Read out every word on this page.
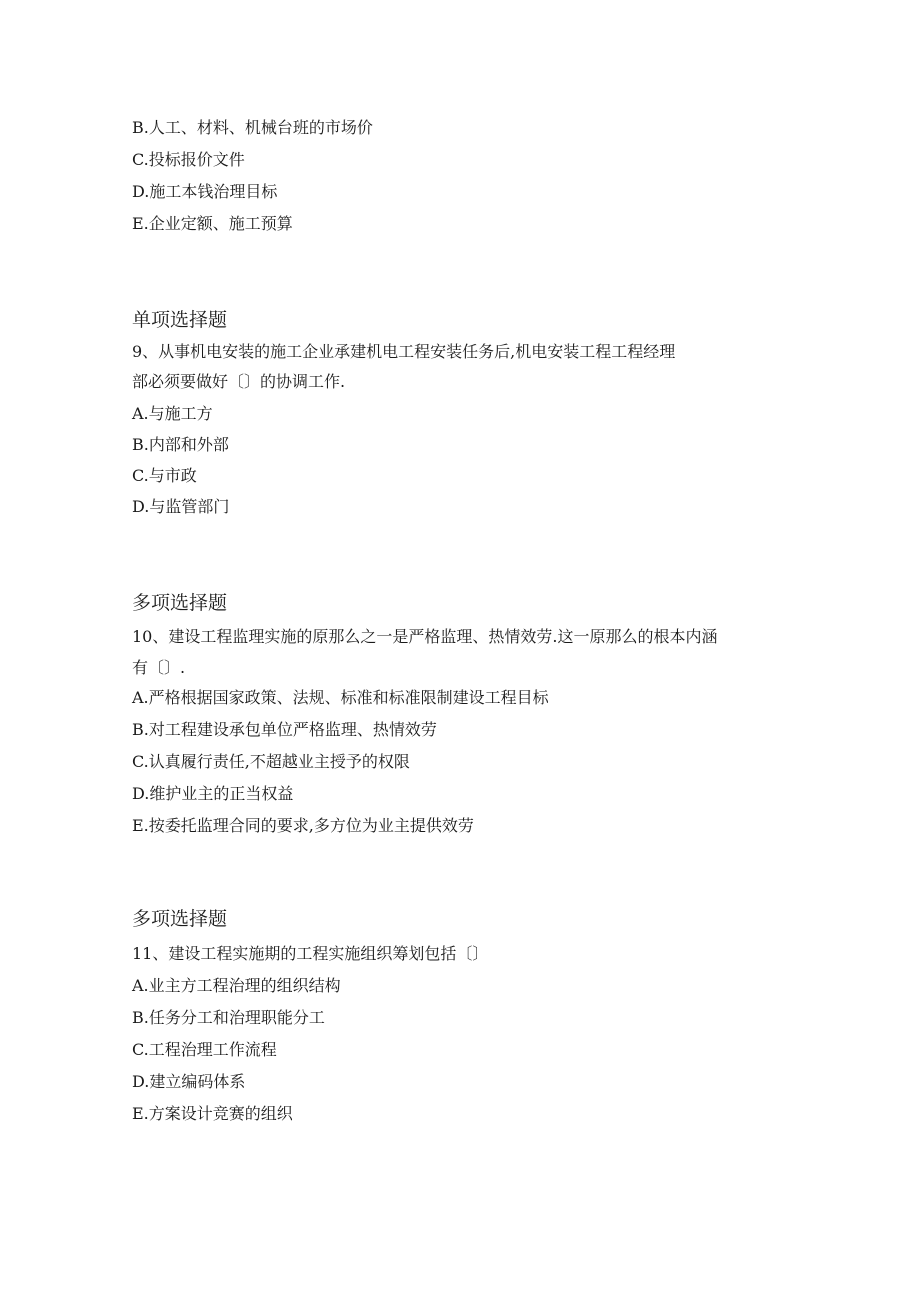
B.人工、材料、机械台班的市场价
C.投标报价文件
D.施工本钱治理目标
E.企业定额、施工预算
单项选择题
9、从事机电安装的施工企业承建机电工程安装任务后,机电安装工程工程经理
部必须要做好〔〕的协调工作.
A.与施工方
B.内部和外部
C.与市政
D.与监管部门
多项选择题
10、建设工程监理实施的原那么之一是严格监理、热情效劳.这一原那么的根本内涵
有〔〕.
A.严格根据国家政策、法规、标准和标准限制建设工程目标
B.对工程建设承包单位严格监理、热情效劳
C.认真履行责任,不超越业主授予的权限
D.维护业主的正当权益
E.按委托监理合同的要求,多方位为业主提供效劳
多项选择题
11、建设工程实施期的工程实施组织筹划包括〔〕
A.业主方工程治理的组织结构
B.任务分工和治理职能分工
C.工程治理工作流程
D.建立编码体系
E.方案设计竞赛的组织
